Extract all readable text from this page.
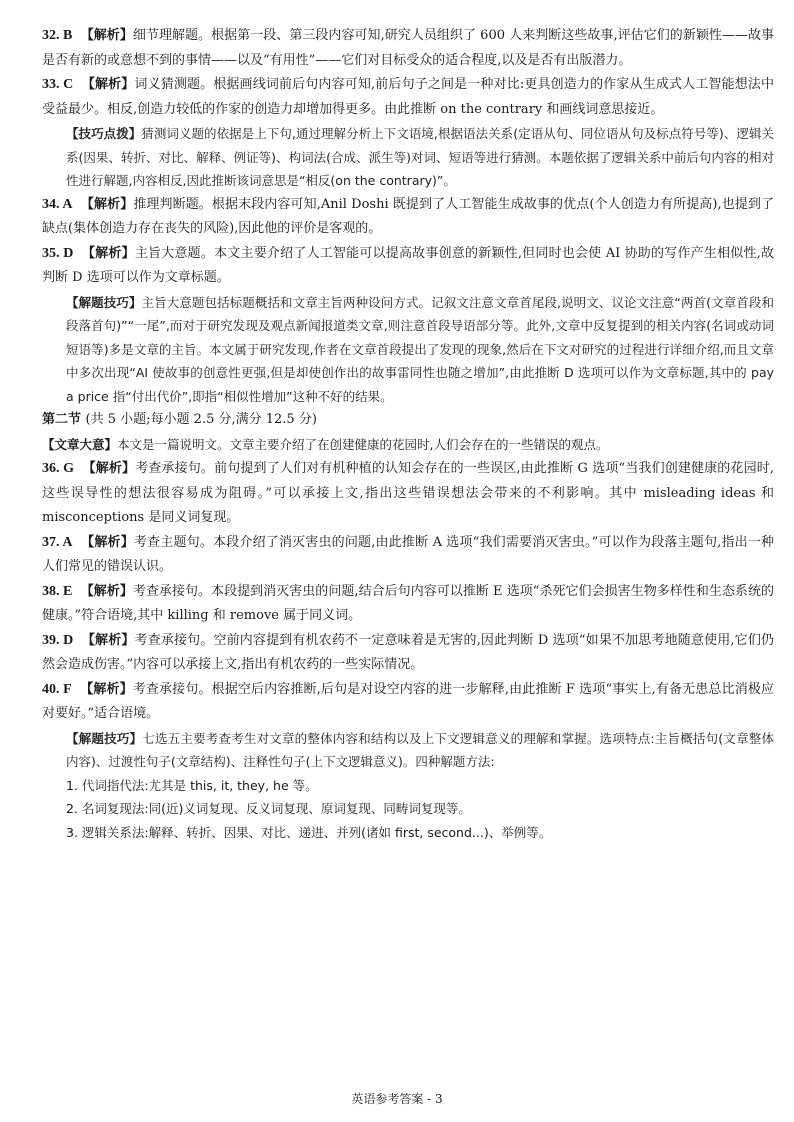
32. B 【解析】细节理解题。根据第一段、第三段内容可知,研究人员组织了 600 人来判断这些故事,评估它们的新颖性——故事是否有新的或意想不到的事情——以及“有用性”——它们对目标受众的适合程度,以及是否有出版潜力。

33. C 【解析】词义猜测题。根据画线词前后句内容可知,前后句子之间是一种对比:更具创造力的作家从生成式人工智能想法中受益最少。相反,创造力较低的作家的创造力却增加得更多。由此推断 on the contrary 和画线词意思接近。

【技巧点拨】猜测词义题的依据是上下句,通过理解分析上下文语境,根据语法关系(定语从句、同位语从句及标点符号等)、逻辑关系(因果、转折、对比、解释、例证等)、构词法(合成、派生等)对词、短语等进行猜测。本题依据了逻辑关系中前后句内容的相对性进行解题,内容相反,因此推断该词意思是“相反(on the contrary)”。

34. A 【解析】推理判断题。根据末段内容可知,Anil Doshi 既提到了人工智能生成故事的优点(个人创造力有所提高),也提到了缺点(集体创造力存在丧失的风险),因此他的评价是客观的。

35. D 【解析】主旨大意题。本文主要介绍了人工智能可以提高故事创意的新颖性,但同时也会使 AI 协助的写作产生相似性,故判断 D 选项可以作为文章标题。

【解题技巧】主旨大意题包括标题概括和文章主旨两种设问方式。记叙文注意文章首尾段,说明文、议论文注意“两首(文章首段和段落首句)”“一尾”,而对于研究发现及观点新闻报道类文章,则注意首段导语部分等。此外,文章中反复提到的相关内容(名词或动词短语等)多是文章的主旨。本文属于研究发现,作者在文章首段提出了发现的现象,然后在下文对研究的过程进行详细介绍,而且文章中多次出现“AI 使故事的创意性更强,但是却使创作出的故事雷同性也随之增加”,由此推断 D 选项可以作为文章标题,其中的 pay a price 指“付出代价”,即指“相似性增加”这种不好的结果。

第二节 (共 5 小题;每小题 2.5 分,满分 12.5 分)

【文章大意】本文是一篇说明文。文章主要介绍了在创建健康的花园时,人们会存在的一些错误的观点。

36. G 【解析】考查承接句。前句提到了人们对有机种植的认知会存在的一些误区,由此推断 G 选项“当我们创建健康的花园时,这些误导性的想法很容易成为阻碍。”可以承接上文,指出这些错误想法会带来的不利影响。其中 misleading ideas 和 misconceptions 是同义词复现。

37. A 【解析】考查主题句。本段介绍了消灭害虫的问题,由此推断 A 选项“我们需要消灭害虫。”可以作为段落主题句,指出一种人们常见的错误认识。

38. E 【解析】考查承接句。本段提到消灭害虫的问题,结合后句内容可以推断 E 选项“杀死它们会损害生物多样性和生态系统的健康。”符合语境,其中 killing 和 remove 属于同义词。

39. D 【解析】考查承接句。空前内容提到有机农药不一定意味着是无害的,因此判断 D 选项“如果不加思考地随意使用,它们仍然会造成伤害。”内容可以承接上文,指出有机农药的一些实际情况。

40. F 【解析】考查承接句。根据空后内容推断,后句是对设空内容的进一步解释,由此推断 F 选项“事实上,有备无患总比消极应对要好。”适合语境。

【解题技巧】七选五主要考查考生对文章的整体内容和结构以及上下文逻辑意义的理解和掌握。选项特点:主旨概括句(文章整体内容)、过渡性句子(文章结构)、注释性句子(上下文逻辑意义)。四种解题方法:

1. 代词指代法:尤其是 this, it, they, he 等。

2. 名词复现法:同(近)义词复现、反义词复现、原词复现、同畴词复现等。

3. 逻辑关系法:解释、转折、因果、对比、递进、并列(诸如 first, second...)、举例等。

英语参考答案 - 3
